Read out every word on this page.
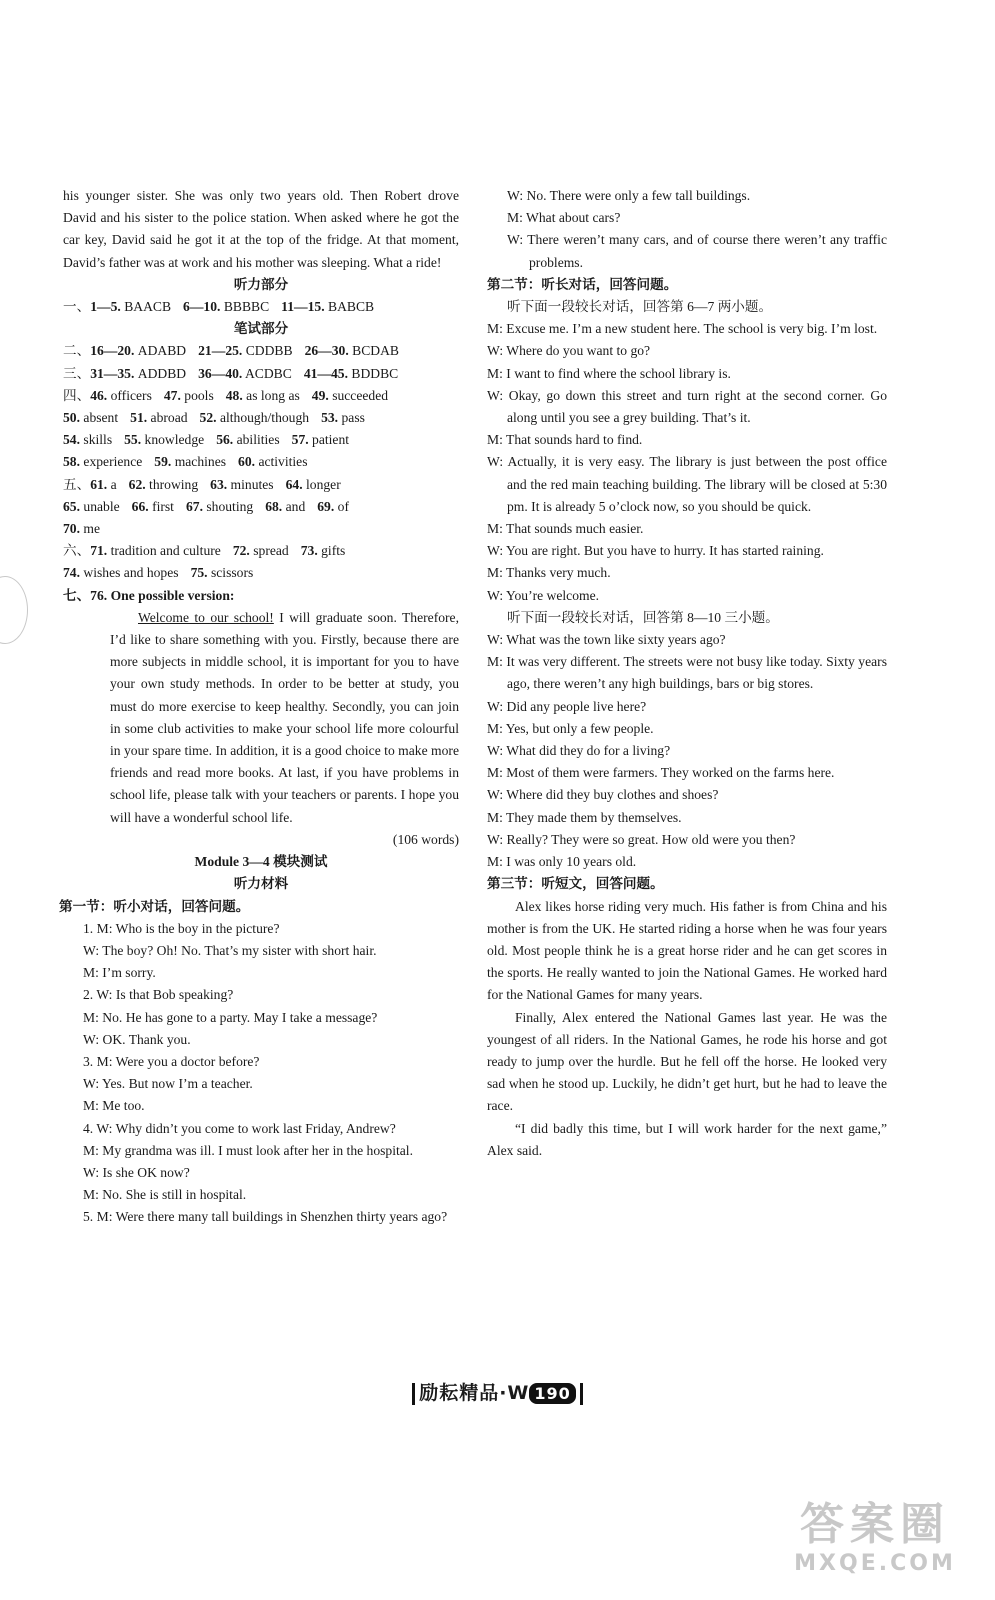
his younger sister. She was only two years old. Then Robert drove David and his sister to the police station. When asked where he got the car key, David said he got it at the top of the fridge. At that moment, David’s father was at work and his mother was sleeping. What a ride!
听力部分
一、1—5. BAACB 6—10. BBBBC 11—15. BABCB
笔试部分
二、16—20. ADABD 21—25. CDDBB 26—30. BCDAB
三、31—35. ADDBD 36—40. ACDBC 41—45. BDDBC
四、46. officers 47. pools 48. as long as 49. succeeded
50. absent 51. abroad 52. although/though 53. pass
54. skills 55. knowledge 56. abilities 57. patient
58. experience 59. machines 60. activities
五、61. a 62. throwing 63. minutes 64. longer
65. unable 66. first 67. shouting 68. and 69. of
70. me
六、71. tradition and culture 72. spread 73. gifts
74. wishes and hopes 75. scissors
七、76. One possible version:
Welcome to our school! I will graduate soon. Therefore, I’d like to share something with you. Firstly, because there are more subjects in middle school, it is important for you to have your own study methods. In order to be better at study, you must do more exercise to keep healthy. Secondly, you can join in some club activities to make your school life more colourful in your spare time. In addition, it is a good choice to make more friends and read more books. At last, if you have problems in school life, please talk with your teachers or parents. I hope you will have a wonderful school life.
(106 words)
Module 3—4 模块测试
听力材料
第一节：听小对话，回答问题。
1. M: Who is the boy in the picture?
W: The boy? Oh! No. That’s my sister with short hair.
M: I’m sorry.
2. W: Is that Bob speaking?
M: No. He has gone to a party. May I take a message?
W: OK. Thank you.
3. M: Were you a doctor before?
W: Yes. But now I’m a teacher.
M: Me too.
4. W: Why didn’t you come to work last Friday, Andrew?
M: My grandma was ill. I must look after her in the hospital.
W: Is she OK now?
M: No. She is still in hospital.
5. M: Were there many tall buildings in Shenzhen thirty years ago?
W: No. There were only a few tall buildings.
M: What about cars?
W: There weren’t many cars, and of course there weren’t any traffic problems.
第二节：听长对话，回答问题。
听下面一段较长对话，回答第 6—7 两小题。
M: Excuse me. I’m a new student here. The school is very big. I’m lost.
W: Where do you want to go?
M: I want to find where the school library is.
W: Okay, go down this street and turn right at the second corner. Go along until you see a grey building. That’s it.
M: That sounds hard to find.
W: Actually, it is very easy. The library is just between the post office and the red main teaching building. The library will be closed at 5:30 pm. It is already 5 o’clock now, so you should be quick.
M: That sounds much easier.
W: You are right. But you have to hurry. It has started raining.
M: Thanks very much.
W: You’re welcome.
听下面一段较长对话，回答第 8—10 三小题。
W: What was the town like sixty years ago?
M: It was very different. The streets were not busy like today. Sixty years ago, there weren’t any high buildings, bars or big stores.
W: Did any people live here?
M: Yes, but only a few people.
W: What did they do for a living?
M: Most of them were farmers. They worked on the farms here.
W: Where did they buy clothes and shoes?
M: They made them by themselves.
W: Really? They were so great. How old were you then?
M: I was only 10 years old.
第三节：听短文，回答问题。
Alex likes horse riding very much. His father is from China and his mother is from the UK. He started riding a horse when he was four years old. Most people think he is a great horse rider and he can get scores in the sports. He really wanted to join the National Games. He worked hard for the National Games for many years.
Finally, Alex entered the National Games last year. He was the youngest of all riders. In the National Games, he rode his horse and got ready to jump over the hurdle. But he fell off the horse. He looked very sad when he stood up. Luckily, he didn’t get hurt, but he had to leave the race.
“I did badly this time, but I will work harder for the next game,” Alex said.
励耘精品·W 190
答案圈
MXQE.COM
